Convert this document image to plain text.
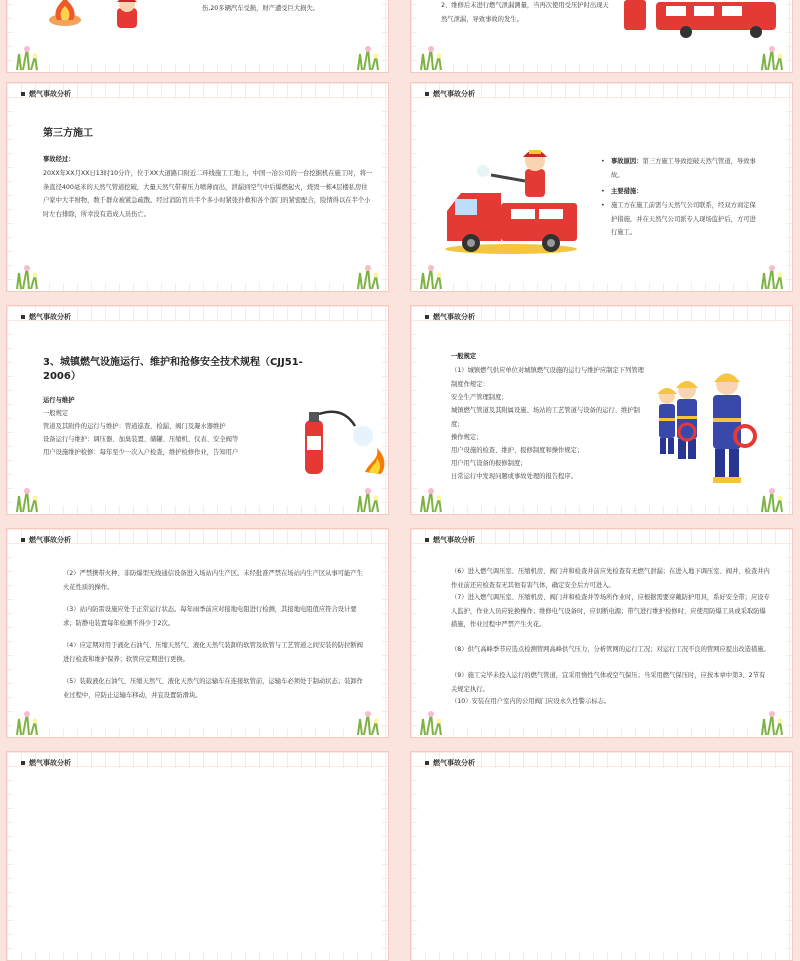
伤,20多辆汽车受损，财产遭受巨大损失。	2、维修后未进行燃气泄漏测量，当再次使用受压护时出现天然气泄漏，导致事故的发生。
燃气事故分析
第三方施工
事故经过：
20XX年XX月XX日13时10分许，位于XX大道路口附近二环线施工工地上，中国一冶公司的一台挖掘机在施工时，将一条直径400毫米的天然气管道挖破，大量天然气带着压力喷薄而出，泄漏到空气中后爆燃起火，烧毁一栋4层楼私房住户家中大半财物，数千群众被紧急疏散。经过消防官兵半个多小时紧张扑救和各个部门的紧密配合，险情得以在半个小时左右排除，所幸没有造成人员伤亡。
燃气事故分析
• 事故原因：第三方施工导致挖破天然气管道，导致事故。
• 主要措施：
• 施工方在施工前需与天然气公司联系，经双方商定保护措施，并在天然气公司派专人现场监护后，方可进行施工。
燃气事故分析
3、城镇燃气设施运行、维护和抢修安全技术规程（CJJ51-2006）
运行与维护
一般规定
管道及其附件的运行与维护：管道巡查、检漏、阀门及凝水器维护
设备运行与维护：调压器、加臭装置、储罐、压缩机、仪表、安全阀等
用户设施维护检修：每年至少一次入户检查，维护检修作业，告知用户
燃气事故分析
一般规定
（1）城镇燃气供应单位对城镇燃气设施的运行与维护应制定下列管理制度作规定：
安全生产管理制度；
城镇燃气管道及其附属设施、场站的工艺管道与设备的运行、维护制度；
操作规定；
用户设施的检查、维护、报修制度和操作规定；
用户用气设备的报修制度；
日常运行中发现问题或事故处理的报告程序。
燃气事故分析
（2）严禁携带火种、非防爆型无线通信设备进入场站内生产区。未经批准严禁在场站内生产区从事可能产生火花性质的操作。
（3）站内防雷设施应处于正常运行状态。每年雨季前应对接地电阻进行检测，其接地电阻值应符合设计要求；防静电装置每年检测不得少于2次。
（4）应定期对用于液化石油气、压缩天然气、液化天然气装卸的软管及软管与工艺管道之间安装的防拉断阀进行检查和维护保养；软管应定期进行更换。
（5）装载液化石油气、压缩天然气、液化天然气的运输车在连接软管前，运输车必须处于制动状态；装卸作业过程中，应防止运输车移动，并宜设置防滑块。
燃气事故分析
（6）进入燃气调压室、压缩机房、阀门井和检查井前应先检查有无燃气泄漏；在进入地下调压室、阀井、检查井内作业前还应检查有无其他有害气体，确定安全后方可进入。
（7）进入燃气调压室、压缩机房、阀门井和检查井等场所作业时，应根据需要穿戴防护用具，系好安全带；应设专人监护，作业人员应轮换操作；维修电气设备时，应切断电源；带气进行维护检修时，应使用防爆工具或采取防爆措施，作业过程中严禁产生火花。
（8）供气高峰季节应选点检测管网高峰供气压力，分析管网的运行工况；对运行工况不良的管网应提出改造措施。
（9）施工完毕未投入运行的燃气管道，宜采用惰性气体或空气保压；当采用燃气保压时，应按本章中第3、2节有关规定执行。
（10）安装在用户室内的公用阀门应设永久性警示标志。
燃气事故分析	燃气事故分析
